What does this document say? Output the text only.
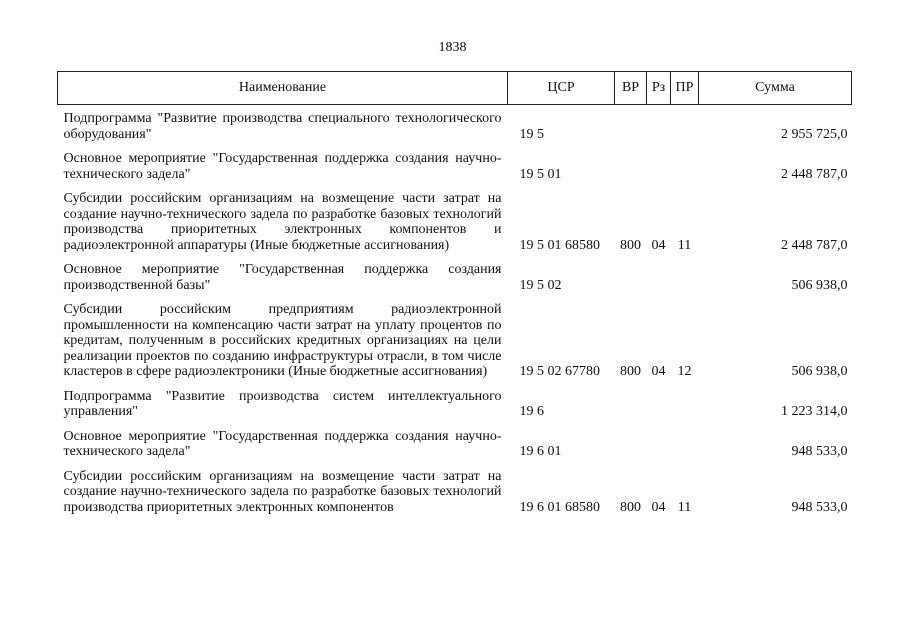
1838
Наименование	ЦСР	ВР	Рз	ПР	Сумма
Подпрограмма "Развитие производства специального технологического оборудования"	19 5				2 955 725,0
Основное мероприятие "Государственная поддержка создания научно-технического задела"	19 5 01				2 448 787,0
Субсидии российским организациям на возмещение части затрат на создание научно-технического задела по разработке базовых технологий производства приоритетных электронных компонентов и радиоэлектронной аппаратуры (Иные бюджетные ассигнования)	19 5 01 68580	800	04	11	2 448 787,0
Основное мероприятие "Государственная поддержка создания производственной базы"	19 5 02				506 938,0
Субсидии российским предприятиям радиоэлектронной промышленности на компенсацию части затрат на уплату процентов по кредитам, полученным в российских кредитных организациях на цели реализации проектов по созданию инфраструктуры отрасли, в том числе кластеров в сфере радиоэлектроники (Иные бюджетные ассигнования)	19 5 02 67780	800	04	12	506 938,0
Подпрограмма "Развитие производства систем интеллектуального управления"	19 6				1 223 314,0
Основное мероприятие "Государственная поддержка создания научно-технического задела"	19 6 01				948 533,0
Субсидии российским организациям на возмещение части затрат на создание научно-технического задела по разработке базовых технологий производства приоритетных электронных компонентов	19 6 01 68580	800	04	11	948 533,0
